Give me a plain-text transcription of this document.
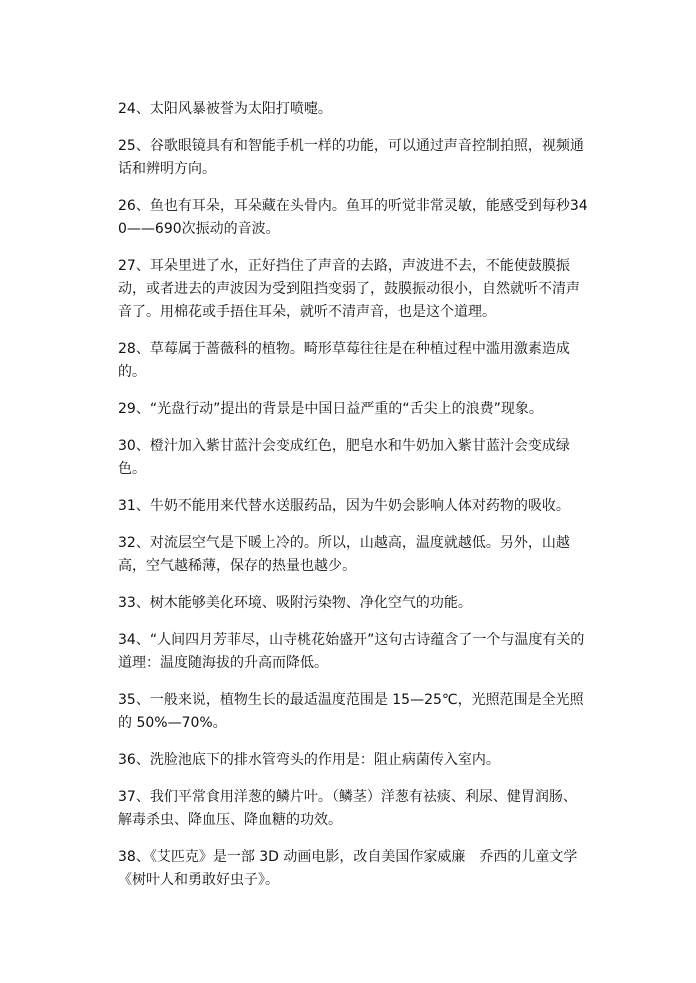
24、太阳风暴被誉为太阳打喷嚏。

25、谷歌眼镜具有和智能手机一样的功能，可以通过声音控制拍照，视频通话和辨明方向。

26、鱼也有耳朵，耳朵藏在头骨内。鱼耳的听觉非常灵敏，能感受到每秒340——690次振动的音波。

27、耳朵里进了水，正好挡住了声音的去路，声波进不去，不能使鼓膜振动，或者进去的声波因为受到阻挡变弱了，鼓膜振动很小，自然就听不清声音了。用棉花或手捂住耳朵，就听不清声音，也是这个道理。

28、草莓属于蔷薇科的植物。畸形草莓往往是在种植过程中滥用激素造成的。

29、“光盘行动”提出的背景是中国日益严重的“舌尖上的浪费”现象。

30、橙汁加入紫甘蓝汁会变成红色，肥皂水和牛奶加入紫甘蓝汁会变成绿色。

31、牛奶不能用来代替水送服药品，因为牛奶会影响人体对药物的吸收。

32、对流层空气是下暖上冷的。所以，山越高，温度就越低。另外，山越高，空气越稀薄，保存的热量也越少。

33、树木能够美化环境、吸附污染物、净化空气的功能。

34、“人间四月芳菲尽，山寺桃花始盛开”这句古诗蕴含了一个与温度有关的道理：温度随海拔的升高而降低。

35、一般来说，植物生长的最适温度范围是 15—25℃，光照范围是全光照的 50%—70%。

36、洗脸池底下的排水管弯头的作用是：阻止病菌传入室内。

37、我们平常食用洋葱的鳞片叶。（鳞茎）洋葱有祛痰、利尿、健胃润肠、解毒杀虫、降血压、降血糖的功效。

38、《艾匹克》是一部 3D 动画电影，改自美国作家威廉　乔西的儿童文学《树叶人和勇敢好虫子》。
